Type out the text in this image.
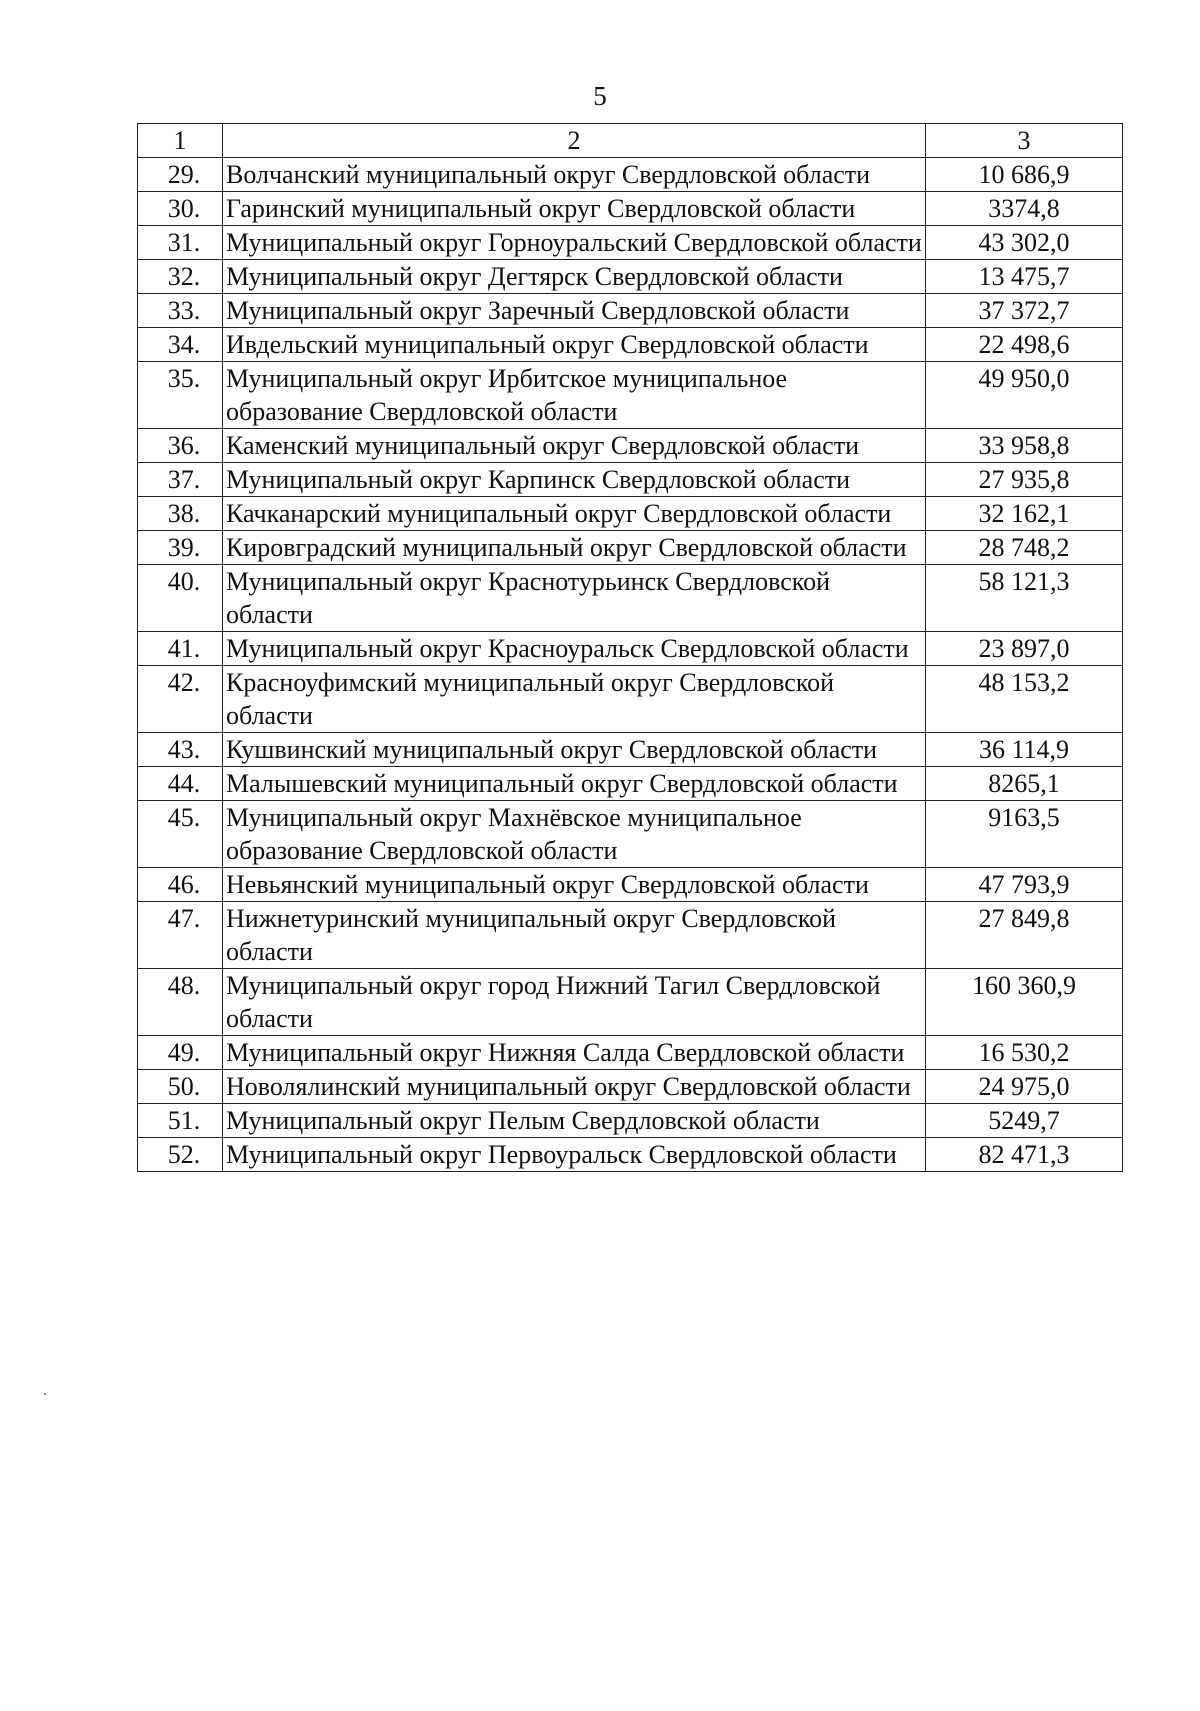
5
1	2	3
29.	Волчанский муниципальный округ Свердловской области	10 686,9
30.	Гаринский муниципальный округ Свердловской области	3374,8
31.	Муниципальный округ Горноуральский Свердловской области	43 302,0
32.	Муниципальный округ Дегтярск Свердловской области	13 475,7
33.	Муниципальный округ Заречный Свердловской области	37 372,7
34.	Ивдельский муниципальный округ Свердловской области	22 498,6
35.	Муниципальный округ Ирбитское муниципальное образование Свердловской области	49 950,0
36.	Каменский муниципальный округ Свердловской области	33 958,8
37.	Муниципальный округ Карпинск Свердловской области	27 935,8
38.	Качканарский муниципальный округ Свердловской области	32 162,1
39.	Кировградский муниципальный округ Свердловской области	28 748,2
40.	Муниципальный округ Краснотурьинск Свердловской области	58 121,3
41.	Муниципальный округ Красноуральск Свердловской области	23 897,0
42.	Красноуфимский муниципальный округ Свердловской области	48 153,2
43.	Кушвинский муниципальный округ Свердловской области	36 114,9
44.	Малышевский муниципальный округ Свердловской области	8265,1
45.	Муниципальный округ Махнёвское муниципальное образование Свердловской области	9163,5
46.	Невьянский муниципальный округ Свердловской области	47 793,9
47.	Нижнетуринский муниципальный округ Свердловской области	27 849,8
48.	Муниципальный округ город Нижний Тагил Свердловской области	160 360,9
49.	Муниципальный округ Нижняя Салда Свердловской области	16 530,2
50.	Новолялинский муниципальный округ Свердловской области	24 975,0
51.	Муниципальный округ Пелым Свердловской области	5249,7
52.	Муниципальный округ Первоуральск Свердловской области	82 471,3
